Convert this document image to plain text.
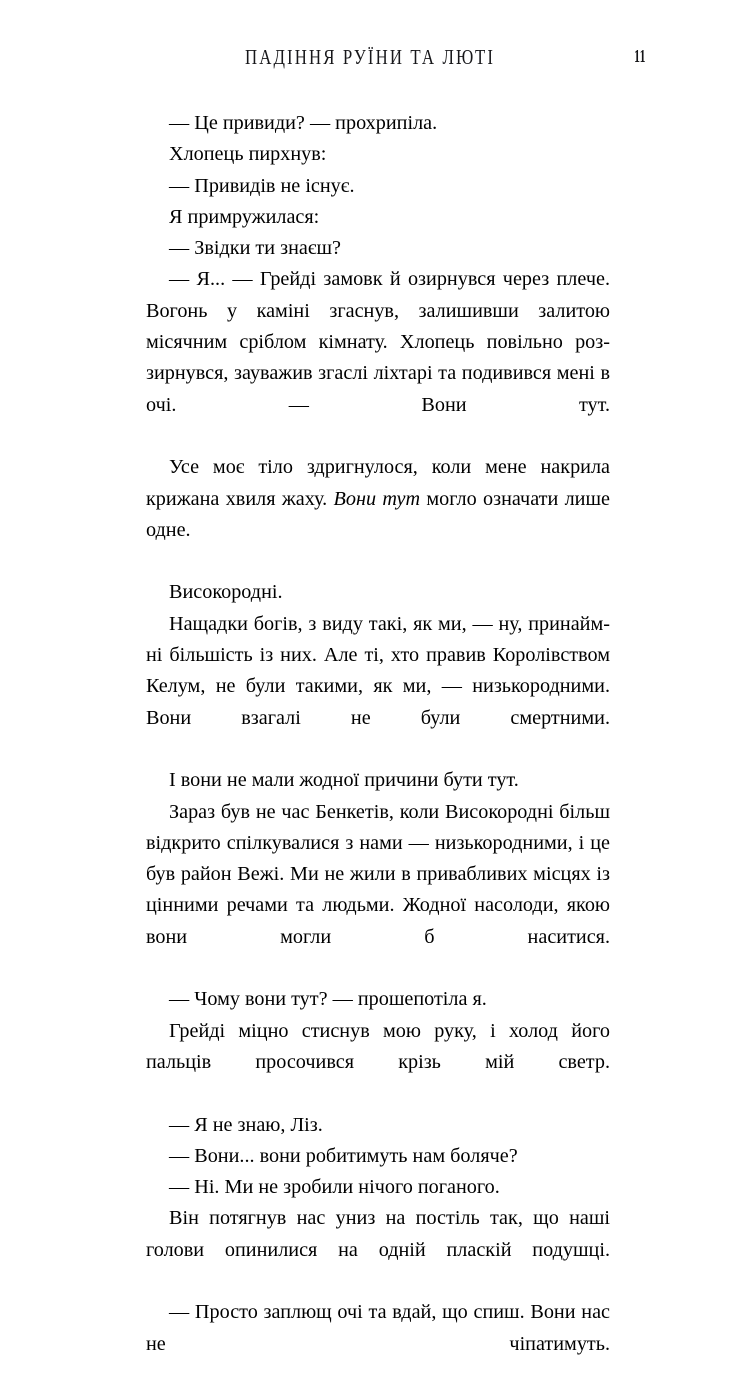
ПАДІННЯ РУЇНИ ТА ЛЮТІ	11

— Це привиди? — прохрипіла.

Хлопець пирхнув:

— Привидів не існує.

Я примружилася:

— Звідки ти знаєш?

— Я... — Грейді замовк й озирнувся через плече. Вогонь у каміні згаснув, залишивши залитою місячним сріблом кімнату. Хлопець повільно роззирнувся, зауважив згаслі ліхтарі та подивився мені в очі. — Вони тут.

Усе моє тіло здригнулося, коли мене накрила крижана хвиля жаху. Вони тут могло означати лише одне.

Високородні.

Нащадки богів, з виду такі, як ми, — ну, принаймні більшість із них. Але ті, хто правив Королівством Келум, не були такими, як ми, — низькородними. Вони взагалі не були смертними.

І вони не мали жодної причини бути тут.

Зараз був не час Бенкетів, коли Високородні більш відкрито спілкувалися з нами — низькородними, і це був район Вежі. Ми не жили в привабливих місцях із цінними речами та людьми. Жодної насолоди, якою вони могли б наситися.

— Чому вони тут? — прошепотіла я.

Грейді міцно стиснув мою руку, і холод його пальців просочився крізь мій светр.

— Я не знаю, Ліз.

— Вони... вони робитимуть нам боляче?

— Ні. Ми не зробили нічого поганого.

Він потягнув нас униз на постіль так, що наші голови опинилися на одній пласкій подушці.

— Просто заплющ очі та вдай, що спиш. Вони нас не чіпатимуть.
